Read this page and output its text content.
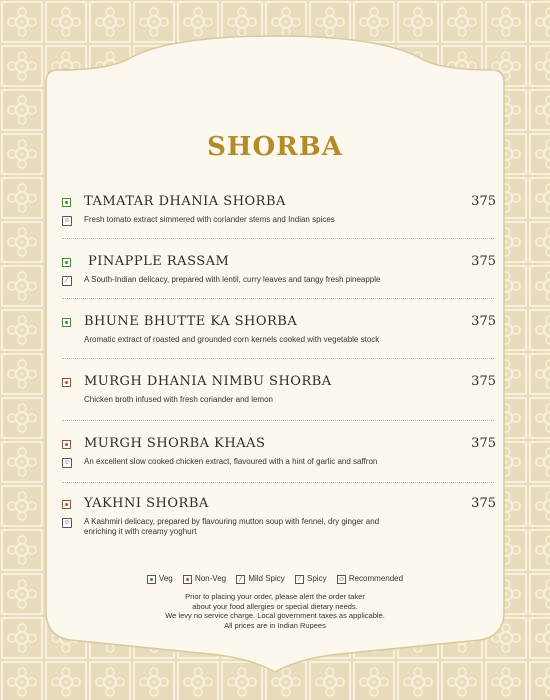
SHORBA
TAMATAR DHANIA SHORBA	375
☺ Fresh tomato extract simmered with coriander stems and Indian spices
PINAPPLE RASSAM	375
∕	A South-Indian delicacy, prepared with lentil, curry leaves and tangy fresh pineapple
BHUNE BHUTTE KA SHORBA	375
Aromatic extract of roasted and grounded corn kernels cooked with vegetable stock
MURGH DHANIA NIMBU SHORBA	375
Chicken broth infused with fresh coriander and lemon
MURGH SHORBA KHAAS	375
☺ An excellent slow cooked chicken extract, flavoured with a hint of garlic and saffron
YAKHNI SHORBA	375
☺ A Kashmiri delicacy, prepared by flavouring mutton soup with fennel, dry ginger and enriching it with creamy yoghurt
Veg	Non-Veg ∕ Mild Spicy ∕ Spicy ☺ Recommended
Prior to placing your order, please alert the order taker
about your food allergies or special dietary needs.
We levy no service charge. Local government taxes as applicable.
All prices are in Indian Rupees
